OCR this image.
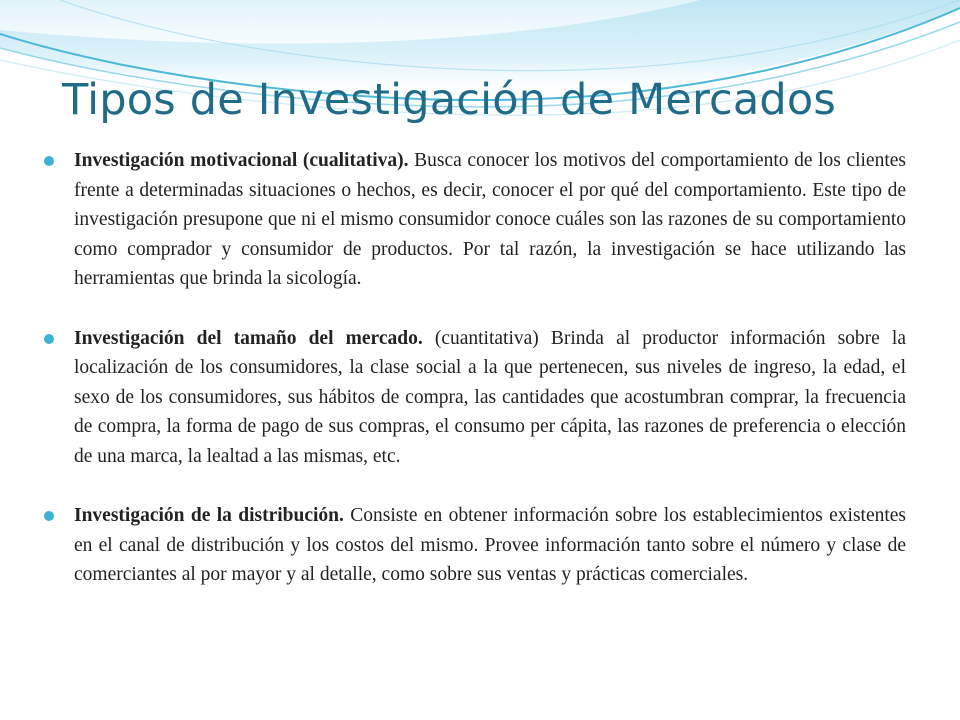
Tipos de Investigación de Mercados

Investigación motivacional (cualitativa). Busca conocer los motivos del comportamiento de los clientes frente a determinadas situaciones o hechos, es decir, conocer el por qué del comportamiento. Este tipo de investigación presupone que ni el mismo consumidor conoce cuáles son las razones de su comportamiento como comprador y consumidor de productos. Por tal razón, la investigación se hace utilizando las herramientas que brinda la sicología.

Investigación del tamaño del mercado. (cuantitativa) Brinda al productor información sobre la localización de los consumidores, la clase social a la que pertenecen, sus niveles de ingreso, la edad, el sexo de los consumidores, sus hábitos de compra, las cantidades que acostumbran comprar, la frecuencia de compra, la forma de pago de sus compras, el consumo per cápita, las razones de preferencia o elección de una marca, la lealtad a las mismas, etc.

Investigación de la distribución. Consiste en obtener información sobre los establecimientos existentes en el canal de distribución y los costos del mismo. Provee información tanto sobre el número y clase de comerciantes al por mayor y al detalle, como sobre sus ventas y prácticas comerciales.
